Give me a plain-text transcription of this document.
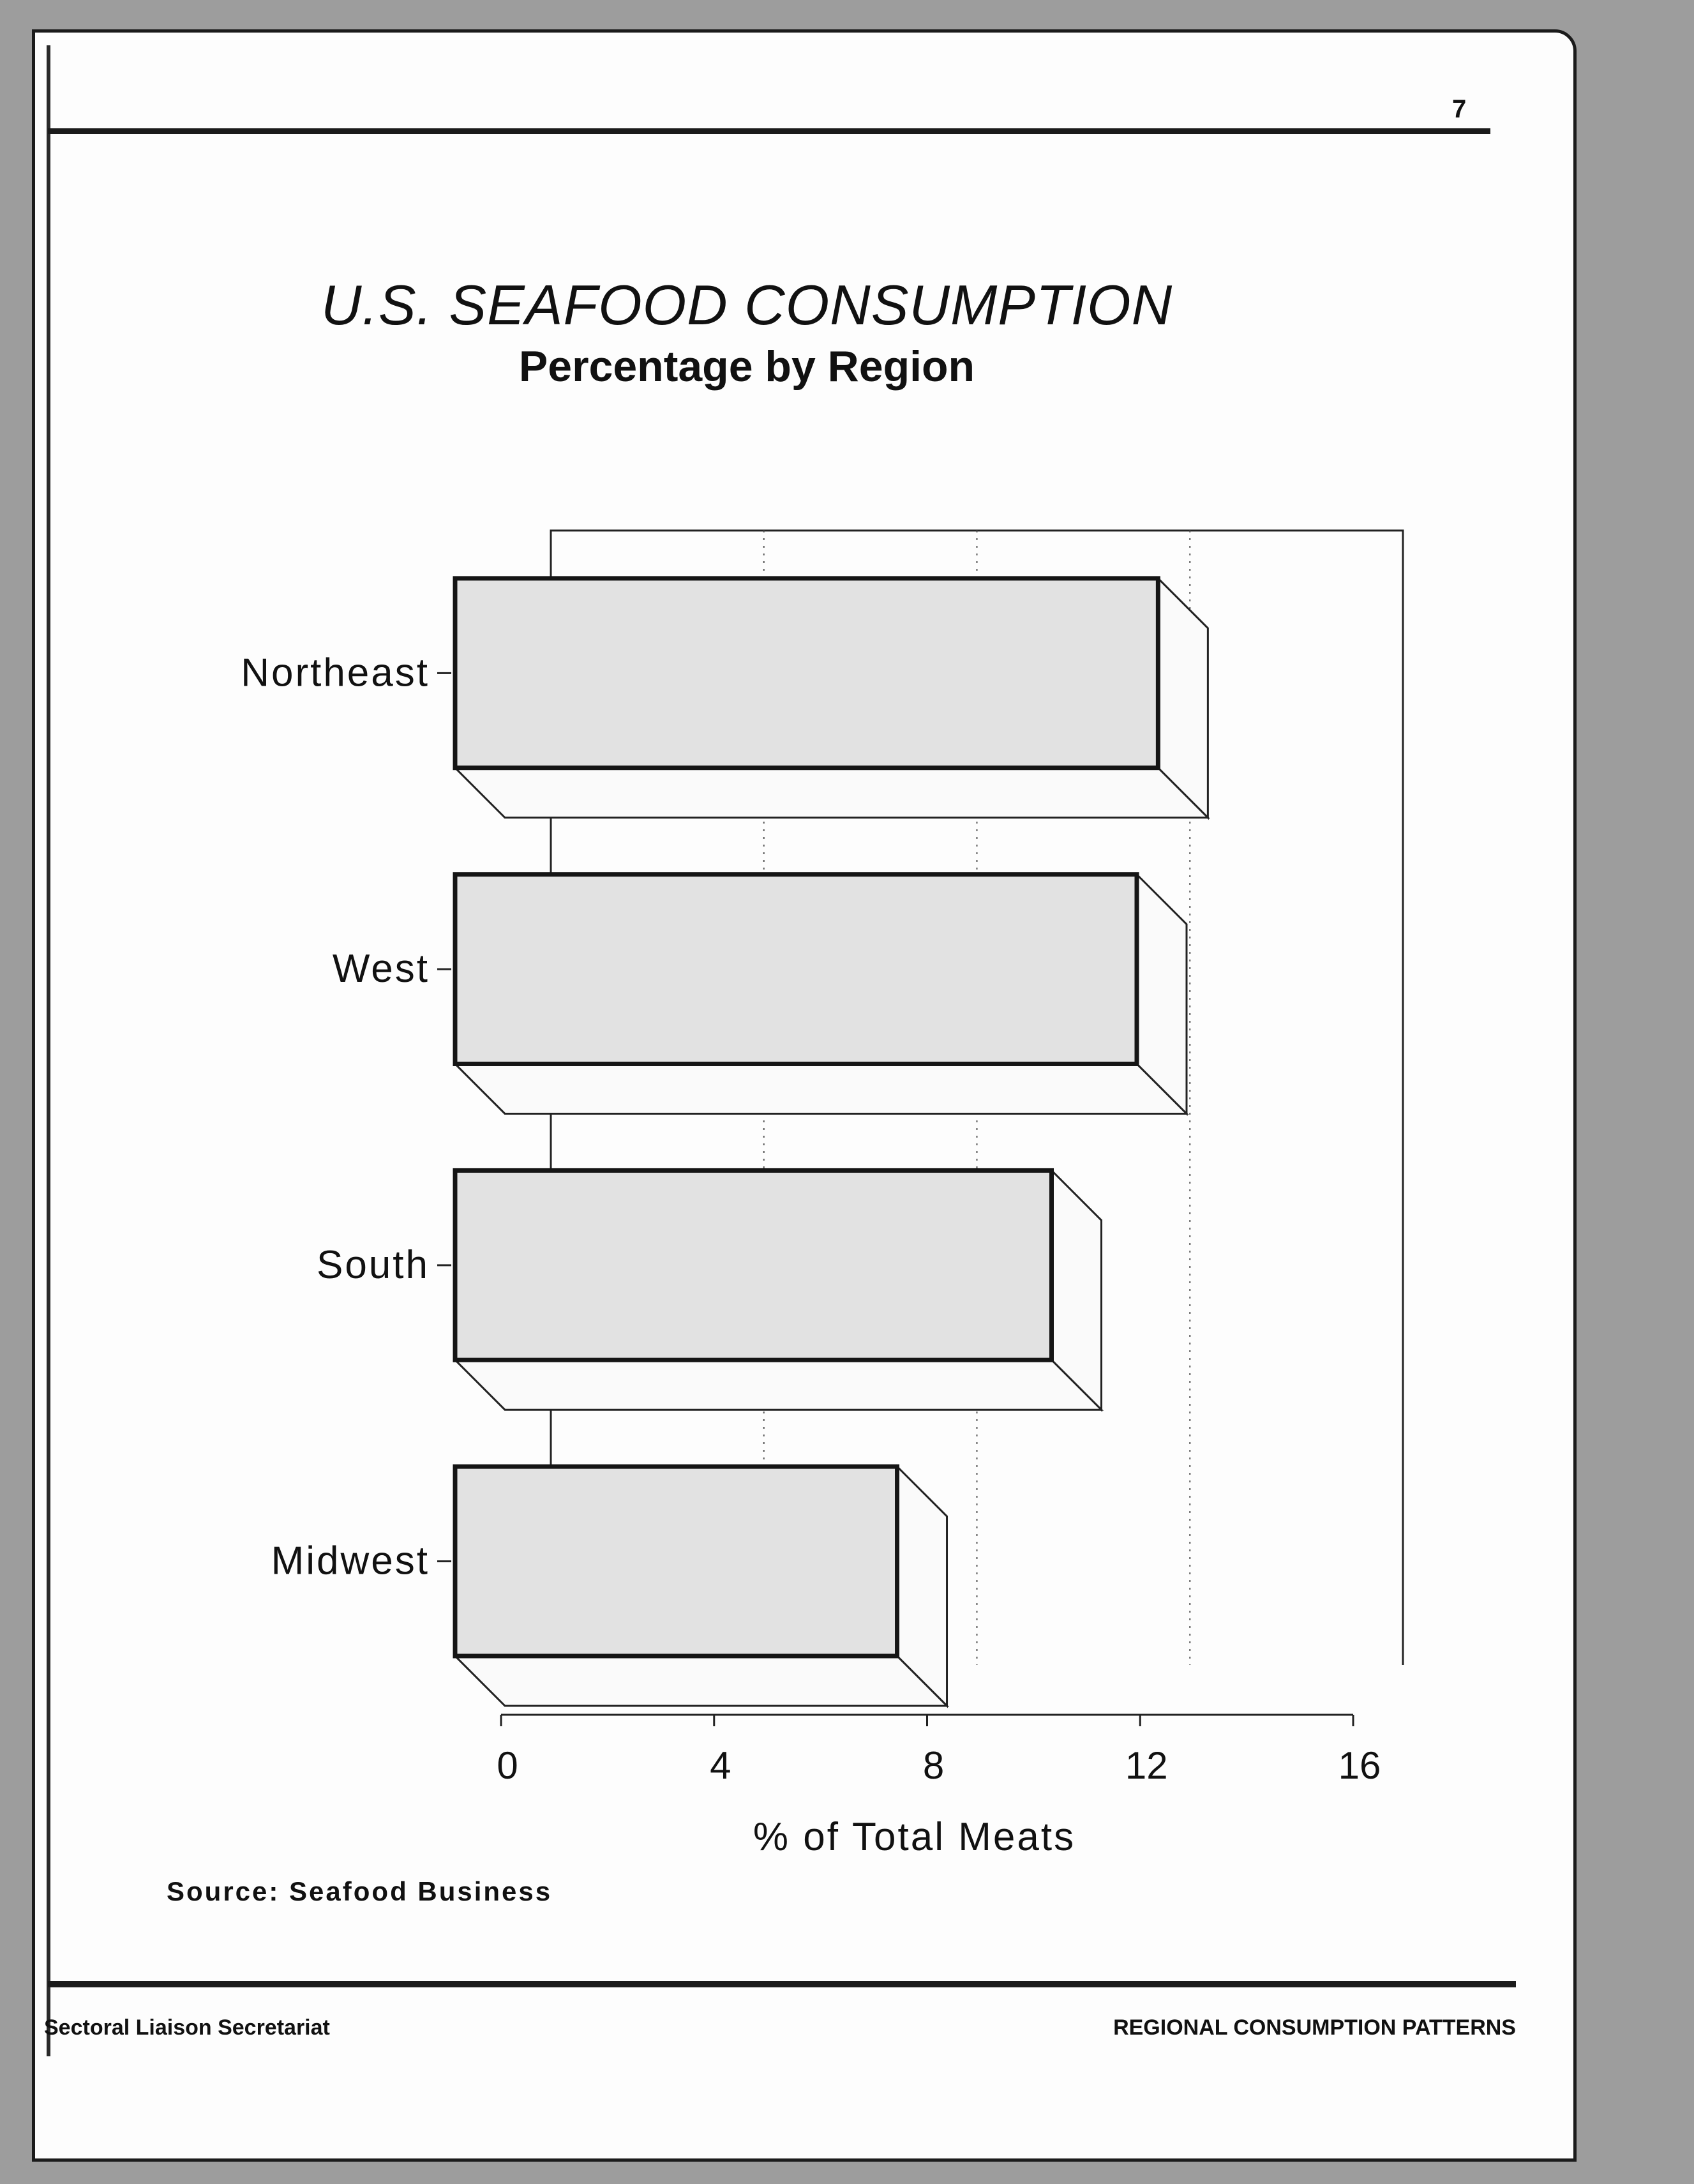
7
U.S. SEAFOOD CONSUMPTION
Percentage by Region
Northeast
West
South
Midwest
0	4	8	12	16
% of Total Meats
Source: Seafood Business
Sectoral Liaison Secretariat	REGIONAL CONSUMPTION PATTERNS
